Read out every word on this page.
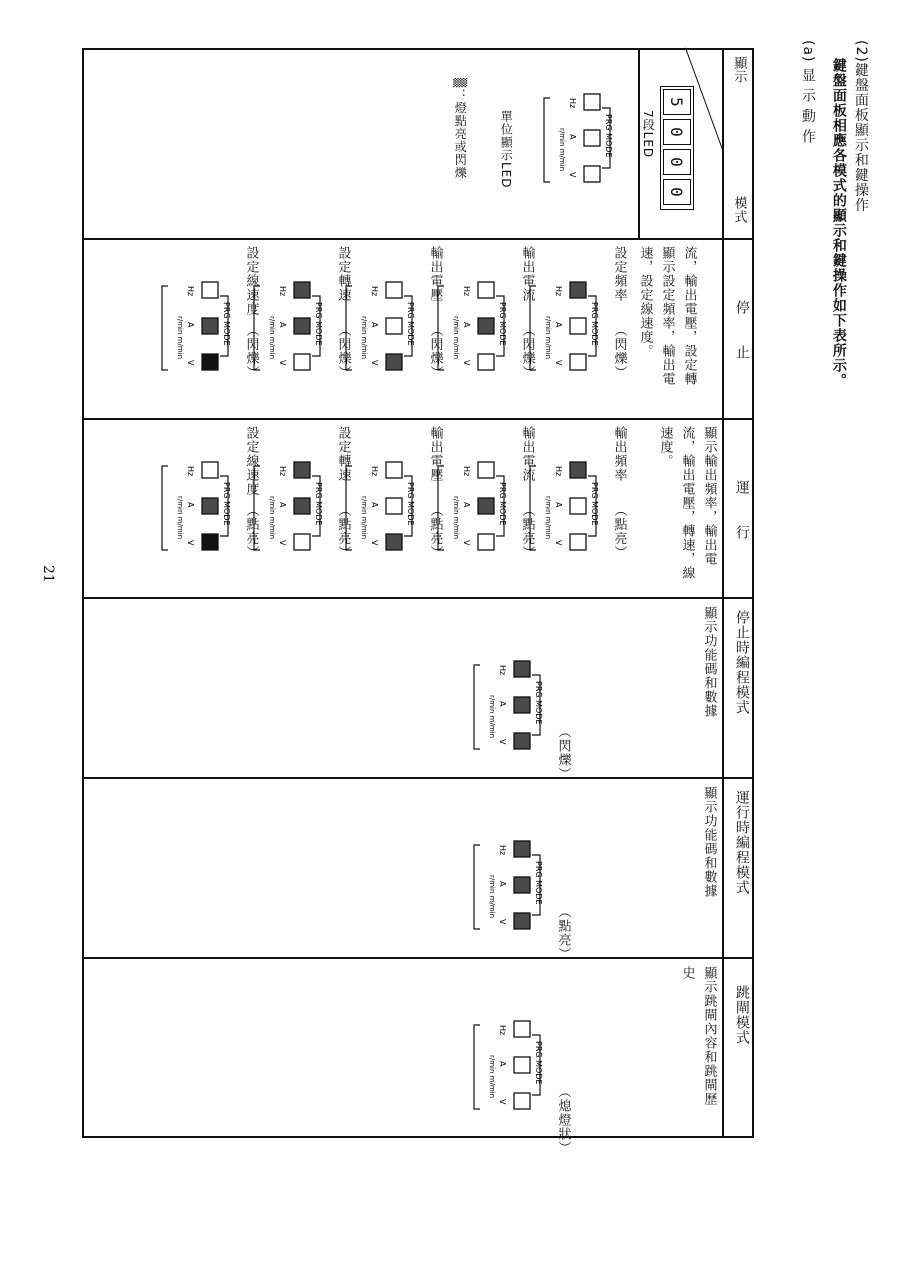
(2)鍵盤面板顯示和鍵操作
鍵盤面板相應各模式的顯示和鍵操作如下表所示。
(a) 显 示 動 作
顯示
模式
5
0
0
0
7段LED
PRG MODE
Hz
A
V
r/min m/min
單位顯示LED
▒：燈點亮或閃爍
停　　止
運　　行
停止時編程模式
運行時編程模式
跳閘模式
顯示設定頻率，輸出電 流，輸出電壓，設定轉
速，設定線速度。
顯示輸出頻率，輸出電
流，輸出電壓，轉速，線
速度。
顯示功能碼和數據
顯示功能碼和數據
顯示跳閘內容和跳閘歷
史
設定頻率　　（閃爍）
PRG MODE
Hz
A
V
r/min m/min
輸出電流　　（閃爍）
PRG MODE
Hz
A
V
r/min m/min
輸出電壓　　（閃爍）
PRG MODE
Hz
A
V
r/min m/min
設定轉速　　（閃爍）
PRG MODE
Hz
A
V
r/min m/min
設定線速度　（閃爍）
PRG MODE
Hz
A
V
r/min m/min
輸出頻率　　（點亮）
PRG MODE
Hz
A
V
r/min m/min
輸出電流　　（點亮）
PRG MODE
Hz
A
V
r/min m/min
輸出電壓　　（點亮）
PRG MODE
Hz
A
V
r/min m/min
設定轉速　　（點亮）
PRG MODE
Hz
A
V
r/min m/min
設定線速度　（點亮）
PRG MODE
Hz
A
V
r/min m/min
（閃爍）
PRG MODE
Hz
A
V
r/min m/min
（點亮）
PRG MODE
Hz
A
V
r/min m/min
（熄燈狀）
PRG MODE
Hz
A
V
r/min m/min
21
